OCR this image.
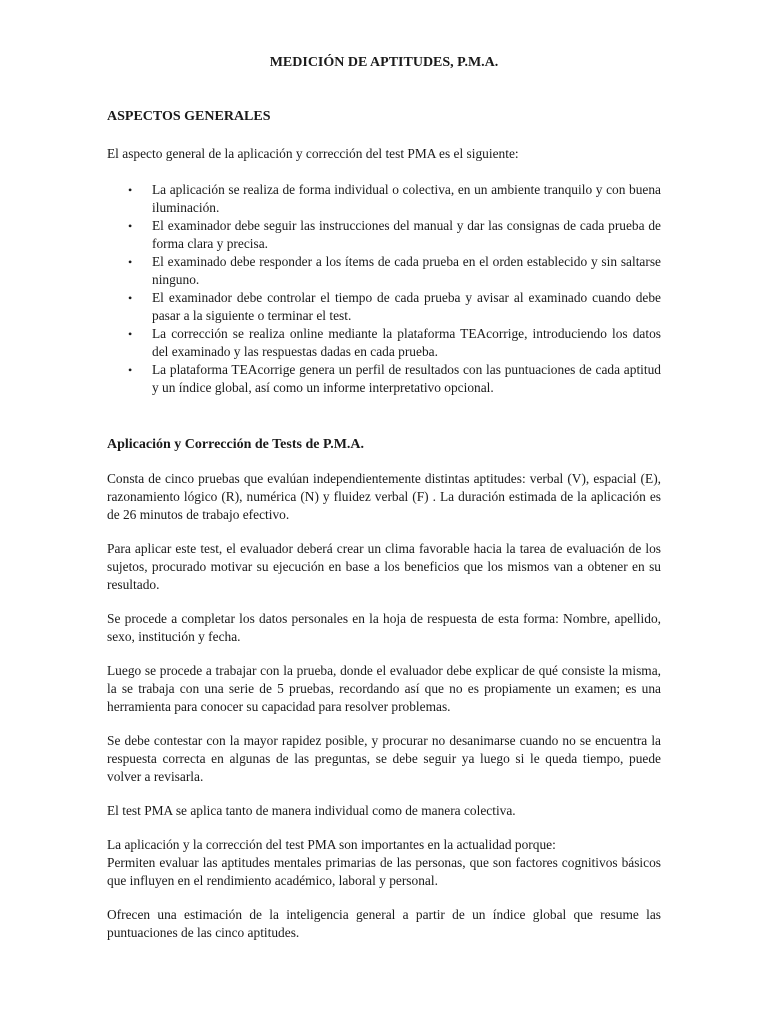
MEDICIÓN DE APTITUDES, P.M.A.
ASPECTOS GENERALES

El aspecto general de la aplicación y corrección del test PMA es el siguiente:

• La aplicación se realiza de forma individual o colectiva, en un ambiente tranquilo y con buena iluminación.
• El examinador debe seguir las instrucciones del manual y dar las consignas de cada prueba de forma clara y precisa.
• El examinado debe responder a los ítems de cada prueba en el orden establecido y sin saltarse ninguno.
• El examinador debe controlar el tiempo de cada prueba y avisar al examinado cuando debe pasar a la siguiente o terminar el test.
• La corrección se realiza online mediante la plataforma TEAcorrige, introduciendo los datos del examinado y las respuestas dadas en cada prueba.
• La plataforma TEAcorrige genera un perfil de resultados con las puntuaciones de cada aptitud y un índice global, así como un informe interpretativo opcional.
Aplicación y Corrección de Tests de P.M.A.

Consta de cinco pruebas que evalúan independientemente distintas aptitudes: verbal (V), espacial (E), razonamiento lógico (R), numérica (N) y fluidez verbal (F) . La duración estimada de la aplicación es de 26 minutos de trabajo efectivo.

Para aplicar este test, el evaluador deberá crear un clima favorable hacia la tarea de evaluación de los sujetos, procurado motivar su ejecución en base a los beneficios que los mismos van a obtener en su resultado.

Se procede a completar los datos personales en la hoja de respuesta de esta forma: Nombre, apellido, sexo, institución y fecha.

Luego se procede a trabajar con la prueba, donde el evaluador debe explicar de qué consiste la misma, la se trabaja con una serie de 5 pruebas, recordando así que no es propiamente un examen; es una herramienta para conocer su capacidad para resolver problemas.

Se debe contestar con la mayor rapidez posible, y procurar no desanimarse cuando no se encuentra la respuesta correcta en algunas de las preguntas, se debe seguir ya luego si le queda tiempo, puede volver a revisarla.

El test PMA se aplica tanto de manera individual como de manera colectiva.

La aplicación y la corrección del test PMA son importantes en la actualidad porque:

Permiten evaluar las aptitudes mentales primarias de las personas, que son factores cognitivos básicos que influyen en el rendimiento académico, laboral y personal.

Ofrecen una estimación de la inteligencia general a partir de un índice global que resume las puntuaciones de las cinco aptitudes.
